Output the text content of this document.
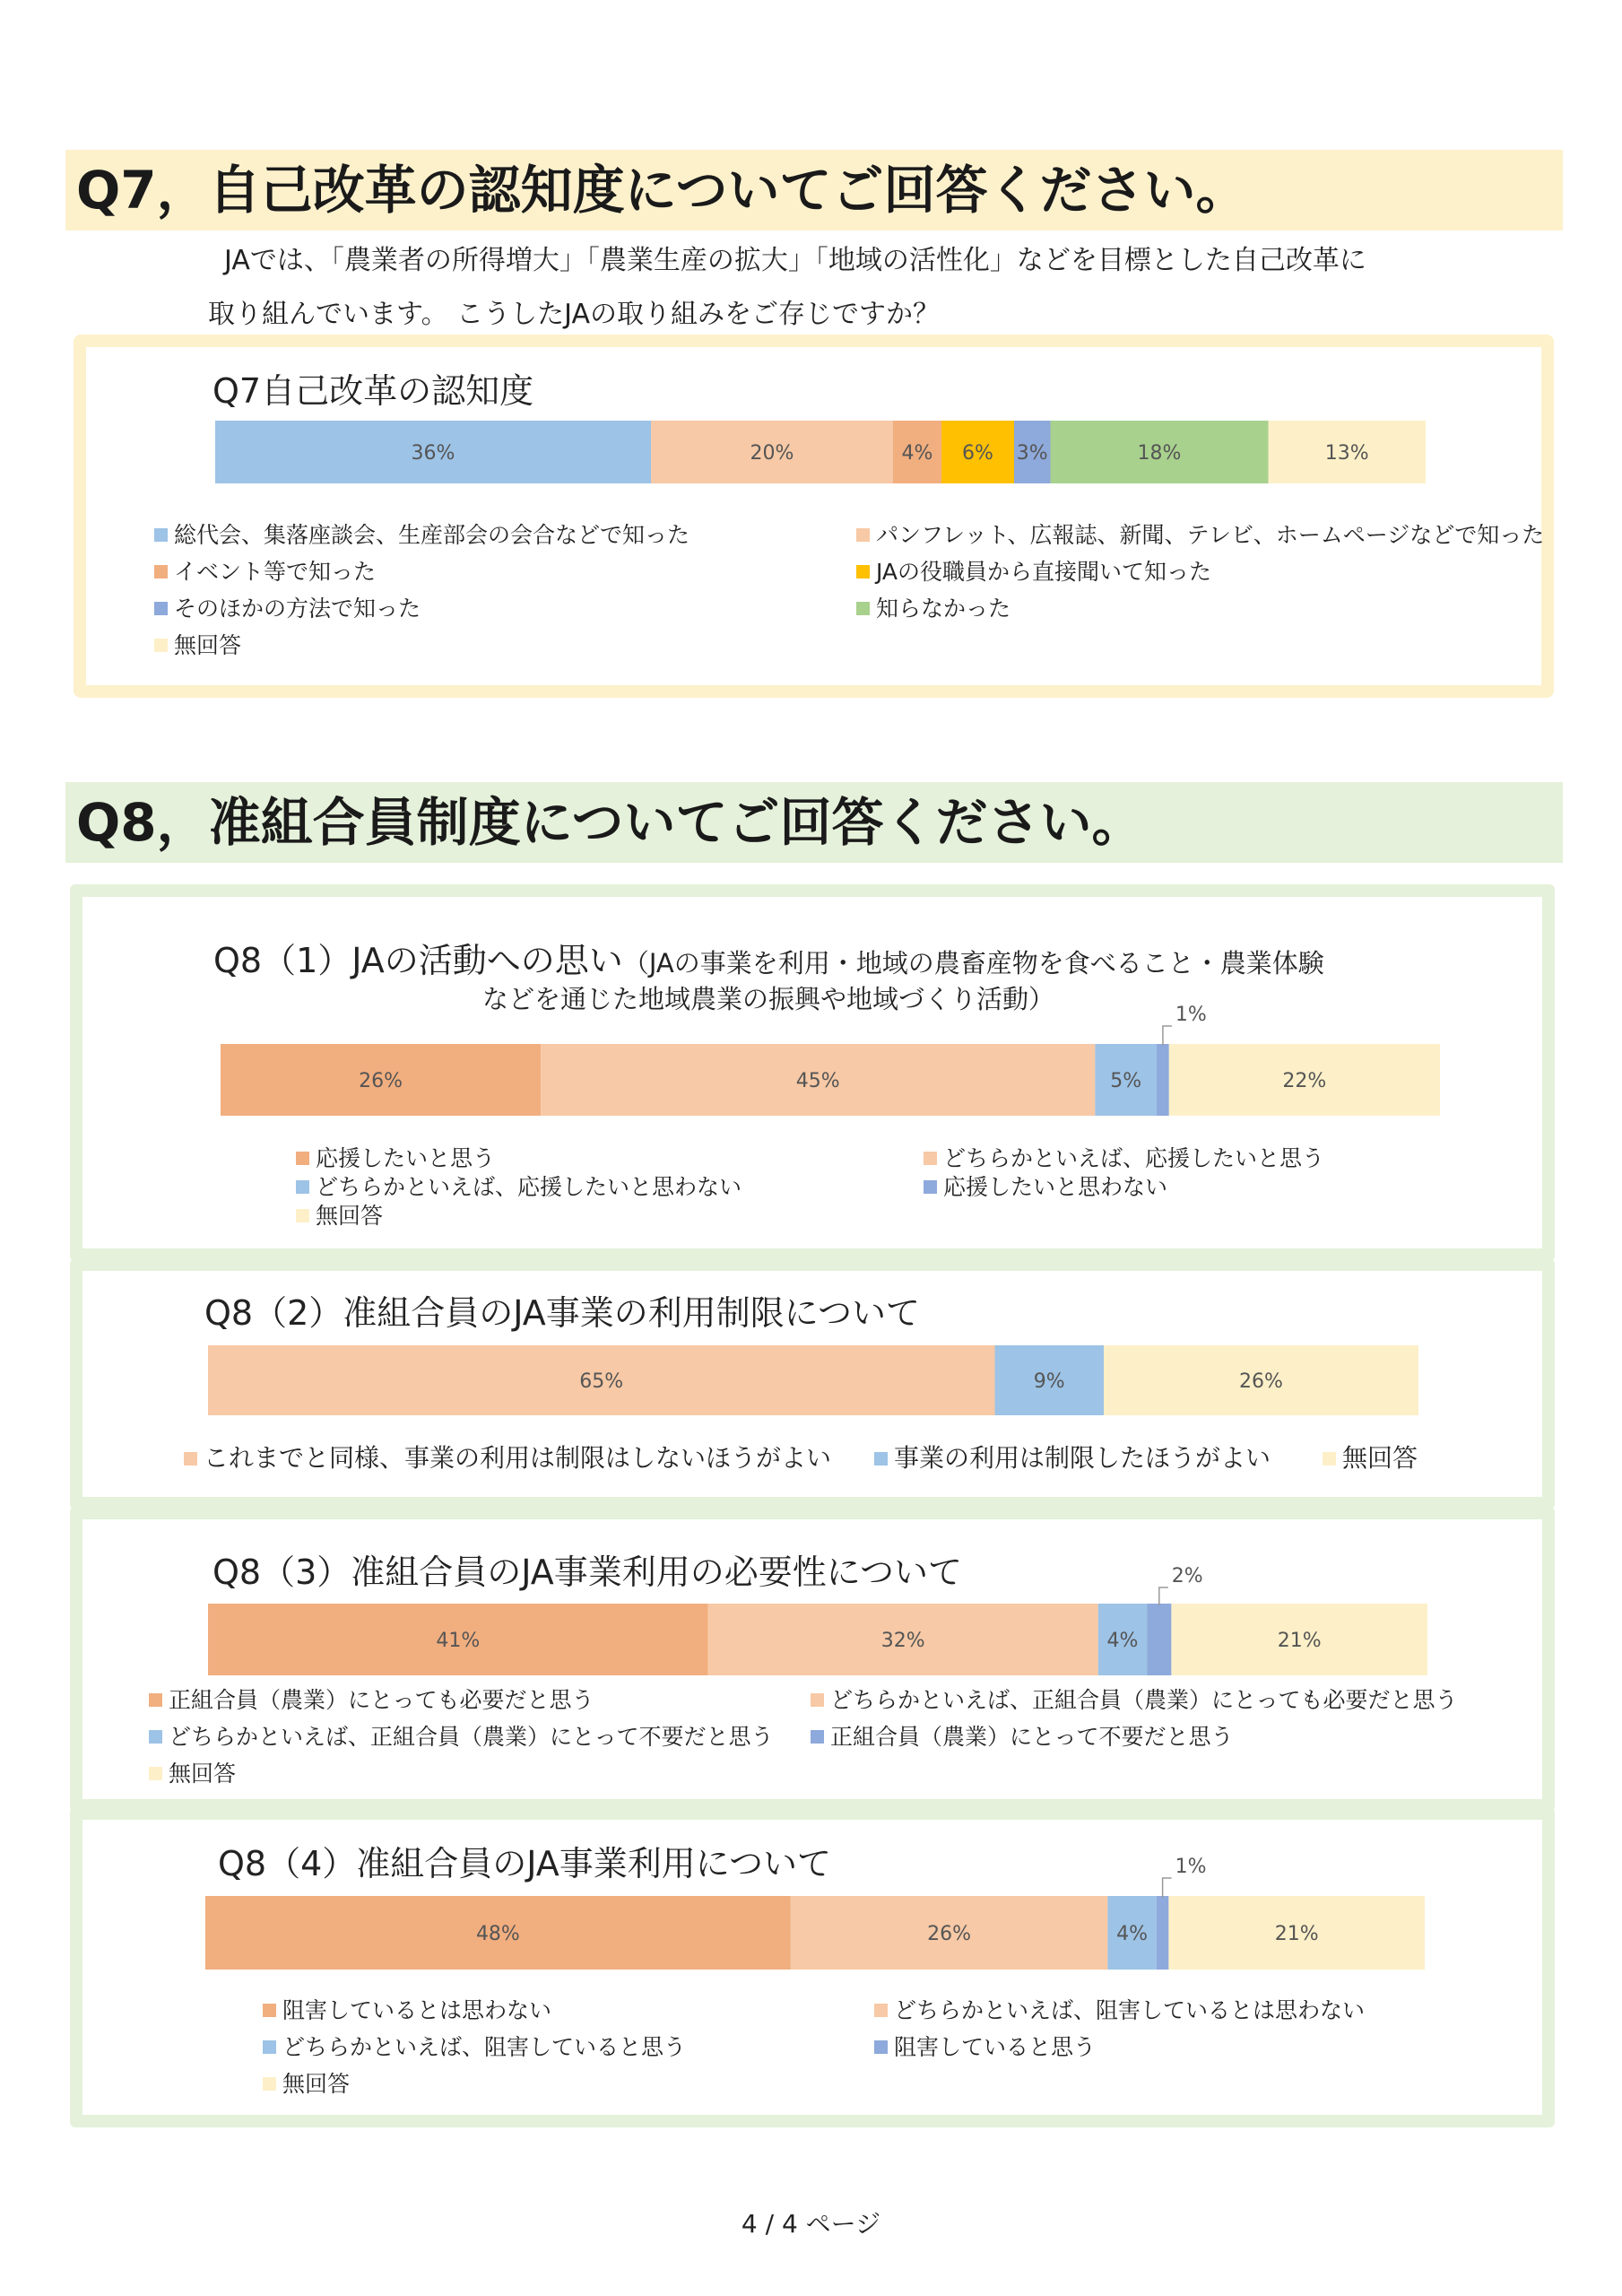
Q7，自己改革の認知度についてご回答ください。
JAでは、「農業者の所得増大」「農業生産の拡大」「地域の活性化」などを目標とした自己改革に
取り組んでいます。 こうしたJAの取り組みをご存じですか？
Q7自己改革の認知度
36%	20%	4% 6% 3%	18%	13%
総代会、集落座談会、生産部会の会合などで知った
イベント等で知った
そのほかの方法で知った
無回答
パンフレット、広報誌、新聞、テレビ、ホームページなどで知った
JAの役職員から直接聞いて知った
知らなかった
Q8，准組合員制度についてご回答ください。
Q8（1）JAの活動への思い（JAの事業を利用・地域の農畜産物を食べること・農業体験
などを通じた地域農業の振興や地域づくり活動）
26%	45%	5%
1%
22%
応援したいと思う
どちらかといえば、応援したいと思わない
無回答
どちらかといえば、応援したいと思う
応援したいと思わない
Q8（2）准組合員のJA事業の利用制限について
65%	9%	26%
これまでと同様、事業の利用は制限はしないほうがよい	事業の利用は制限したほうがよい	無回答
Q8（3）准組合員のJA事業利用の必要性について
41%	32%	4%
2%
21%
正組合員（農業）にとっても必要だと思う
どちらかといえば、正組合員（農業）にとって不要だと思う
無回答
どちらかといえば、正組合員（農業）にとっても必要だと思う
正組合員（農業）にとって不要だと思う
Q8（4）准組合員のJA事業利用について
48%	26%	4%
1%
21%
阻害しているとは思わない
どちらかといえば、阻害していると思う
無回答
どちらかといえば、阻害しているとは思わない
阻害していると思う
4 / 4 ページ
